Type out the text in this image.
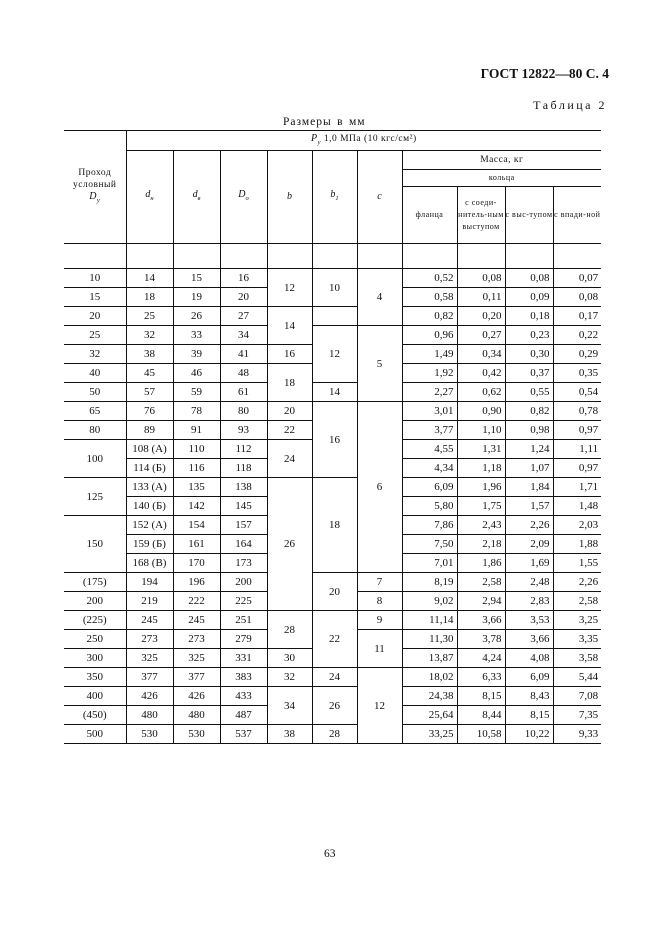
ГОСТ 12822—80 С. 4
Таблица 2
Размеры в мм
Проход
условный
$D_y$	$P_y$ 1,0 МПа (10 кгс/см²)									
	$d_н$	$d_в$	$D_o$	b	$b_1$	c	Масса, кг			
							кольца			
							фланца	с соеди-нитель-ным выступом	с выс-тупом	с впади-ной

10	14	15	16	12	10	4	0,52	0,08	0,08	0,07
15	18	19	20				0,58	0,11	0,09	0,08
20	25	26	27	14			0,82	0,20	0,18	0,17
25	32	33	34		12	5	0,96	0,27	0,23	0,22
32	38	39	41	16			1,49	0,34	0,30	0,29
40	45	46	48	18			1,92	0,42	0,37	0,35
50	57	59	61		14		2,27	0,62	0,55	0,54
65	76	78	80	20	16	6	3,01	0,90	0,82	0,78
80	89	91	93	22			3,77	1,10	0,98	0,97
100	108 (А)	110	112	24			4,55	1,31	1,24	1,11
	114 (Б)	116	118				4,34	1,18	1,07	0,97
125	133 (А)	135	138	26	18		6,09	1,96	1,84	1,71
	140 (Б)	142	145				5,80	1,75	1,57	1,48
150	152 (А)	154	157				7,86	2,43	2,26	2,03
	159 (Б)	161	164				7,50	2,18	2,09	1,88
	168 (В)	170	173				7,01	1,86	1,69	1,55
(175)	194	196	200		20	7	8,19	2,58	2,48	2,26
200	219	222	225			8	9,02	2,94	2,83	2,58
(225)	245	245	251	28	22	9	11,14	3,66	3,53	3,25
250	273	273	279			11	11,30	3,78	3,66	3,35
300	325	325	331	30			13,87	4,24	4,08	3,58
350	377	377	383	32	24	12	18,02	6,33	6,09	5,44
400	426	426	433	34	26		24,38	8,15	8,43	7,08
(450)	480	480	487				25,64	8,44	8,15	7,35
500	530	530	537	38	28		33,25	10,58	10,22	9,33
63
